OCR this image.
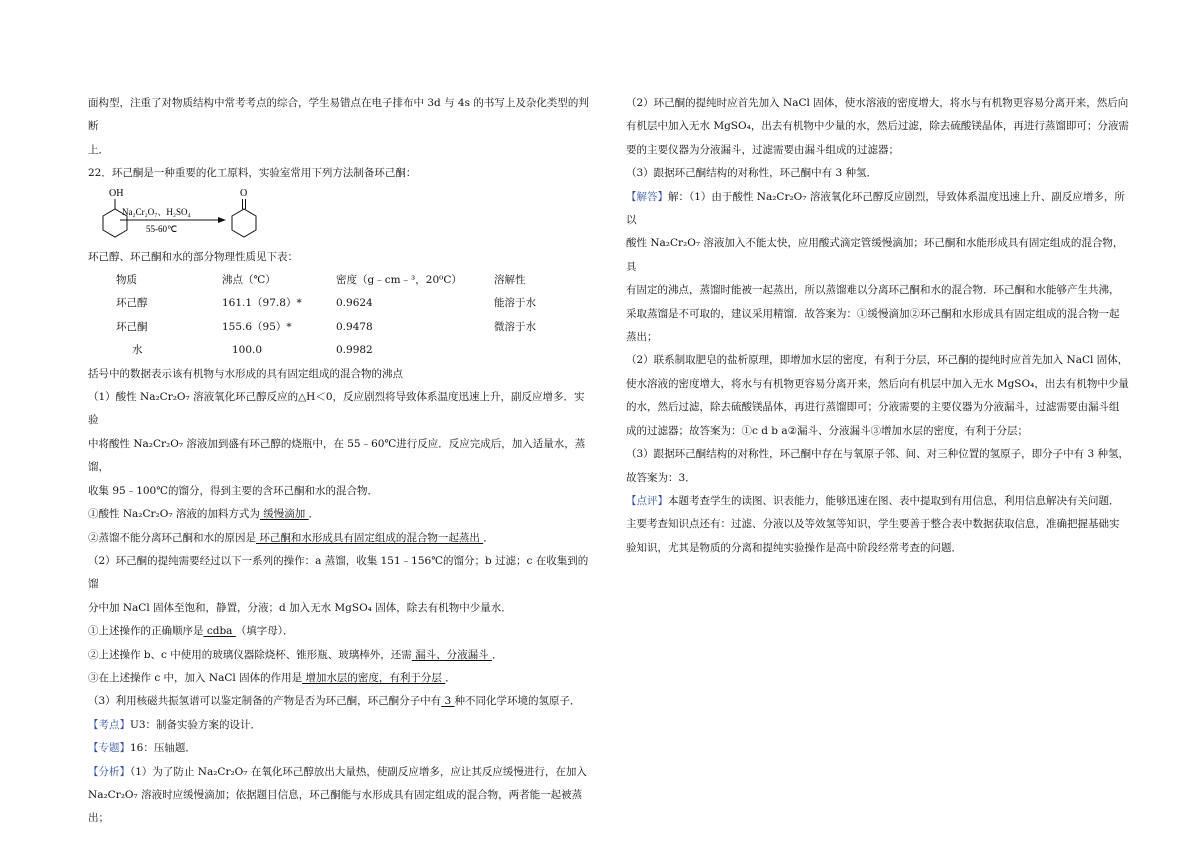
面构型，注重了对物质结构中常考考点的综合，学生易错点在电子排布中 3d 与 4s 的书写上及杂化类型的判断

上．

22．环己酮是一种重要的化工原料，实验室常用下列方法制备环己酮：

OH
Na₂Cr₂O₇、H₂SO₄
55-60℃
O

环己醇、环己酮和水的部分物理性质见下表：

物质	沸点（℃）	密度（g﹣cm﹣³，20⁰C）	溶解性
环己醇	161.1（97.8）*	0.9624	能溶于水
环己酮	155.6（95）*	0.9478	微溶于水
水	100.0	0.9982

括号中的数据表示该有机物与水形成的具有固定组成的混合物的沸点

（1）酸性 Na₂Cr₂O₇ 溶液氧化环己醇反应的△H＜0，反应剧烈将导致体系温度迅速上升，副反应增多．实验

中将酸性 Na₂Cr₂O₇ 溶液加到盛有环己醇的烧瓶中，在 55﹣60℃进行反应．反应完成后，加入适量水，蒸馏，

收集 95﹣100℃的馏分，得到主要的含环己酮和水的混合物．

①酸性 Na₂Cr₂O₇ 溶液的加料方式为 缓慢滴加 ．

②蒸馏不能分离环己酮和水的原因是 环己酮和水形成具有固定组成的混合物一起蒸出 ．

（2）环己酮的提纯需要经过以下一系列的操作：a 蒸馏，收集 151﹣156℃的馏分；b 过滤；c 在收集到的馏

分中加 NaCl 固体至饱和，静置，分液；d 加入无水 MgSO₄ 固体，除去有机物中少量水．

①上述操作的正确顺序是 cdba （填字母）．

②上述操作 b、c 中使用的玻璃仪器除烧杯、锥形瓶、玻璃棒外，还需 漏斗、分液漏斗 ．

③在上述操作 c 中，加入 NaCl 固体的作用是 增加水层的密度，有利于分层 ．

（3）利用核磁共振氢谱可以鉴定制备的产物是否为环己酮，环己酮分子中有 3 种不同化学环境的氢原子．

【考点】U3：制备实验方案的设计．

【专题】16：压轴题．

【分析】（1）为了防止 Na₂Cr₂O₇ 在氧化环己醇放出大量热，使副反应增多，应让其反应缓慢进行，在加入

Na₂Cr₂O₇ 溶液时应缓慢滴加；依据题目信息，环己酮能与水形成具有固定组成的混合物，两者能一起被蒸出；

（2）环己酮的提纯时应首先加入 NaCl 固体，使水溶液的密度增大，将水与有机物更容易分离开来，然后向

有机层中加入无水 MgSO₄，出去有机物中少量的水，然后过滤，除去硫酸镁晶体，再进行蒸馏即可；分液需

要的主要仪器为分液漏斗，过滤需要由漏斗组成的过滤器；

（3）跟据环己酮结构的对称性，环己酮中有 3 种氢．

【解答】解：（1）由于酸性 Na₂Cr₂O₇ 溶液氧化环己醇反应剧烈，导致体系温度迅速上升、副反应增多，所以

酸性 Na₂Cr₂O₇ 溶液加入不能太快，应用酸式滴定管缓慢滴加；环己酮和水能形成具有固定组成的混合物，具

有固定的沸点，蒸馏时能被一起蒸出，所以蒸馏难以分离环己酮和水的混合物．环己酮和水能够产生共沸，

采取蒸馏是不可取的，建议采用精馏．故答案为：①缓慢滴加②环己酮和水形成具有固定组成的混合物一起

蒸出；

（2）联系制取肥皂的盐析原理，即增加水层的密度，有利于分层，环己酮的提纯时应首先加入 NaCl 固体，

使水溶液的密度增大，将水与有机物更容易分离开来，然后向有机层中加入无水 MgSO₄，出去有机物中少量

的水，然后过滤，除去硫酸镁晶体，再进行蒸馏即可；分液需要的主要仪器为分液漏斗，过滤需要由漏斗组

成的过滤器；故答案为：①c d b a②漏斗、分液漏斗③增加水层的密度，有利于分层；

（3）跟据环己酮结构的对称性，环己酮中存在与氧原子邻、间、对三种位置的氢原子，即分子中有 3 种氢，

故答案为：3．

【点评】本题考查学生的读图、识表能力，能够迅速在图、表中提取到有用信息，利用信息解决有关问题．

主要考查知识点还有：过滤、分液以及等效氢等知识，学生要善于整合表中数据获取信息，准确把握基础实

验知识，尤其是物质的分离和提纯实验操作是高中阶段经常考查的问题．
